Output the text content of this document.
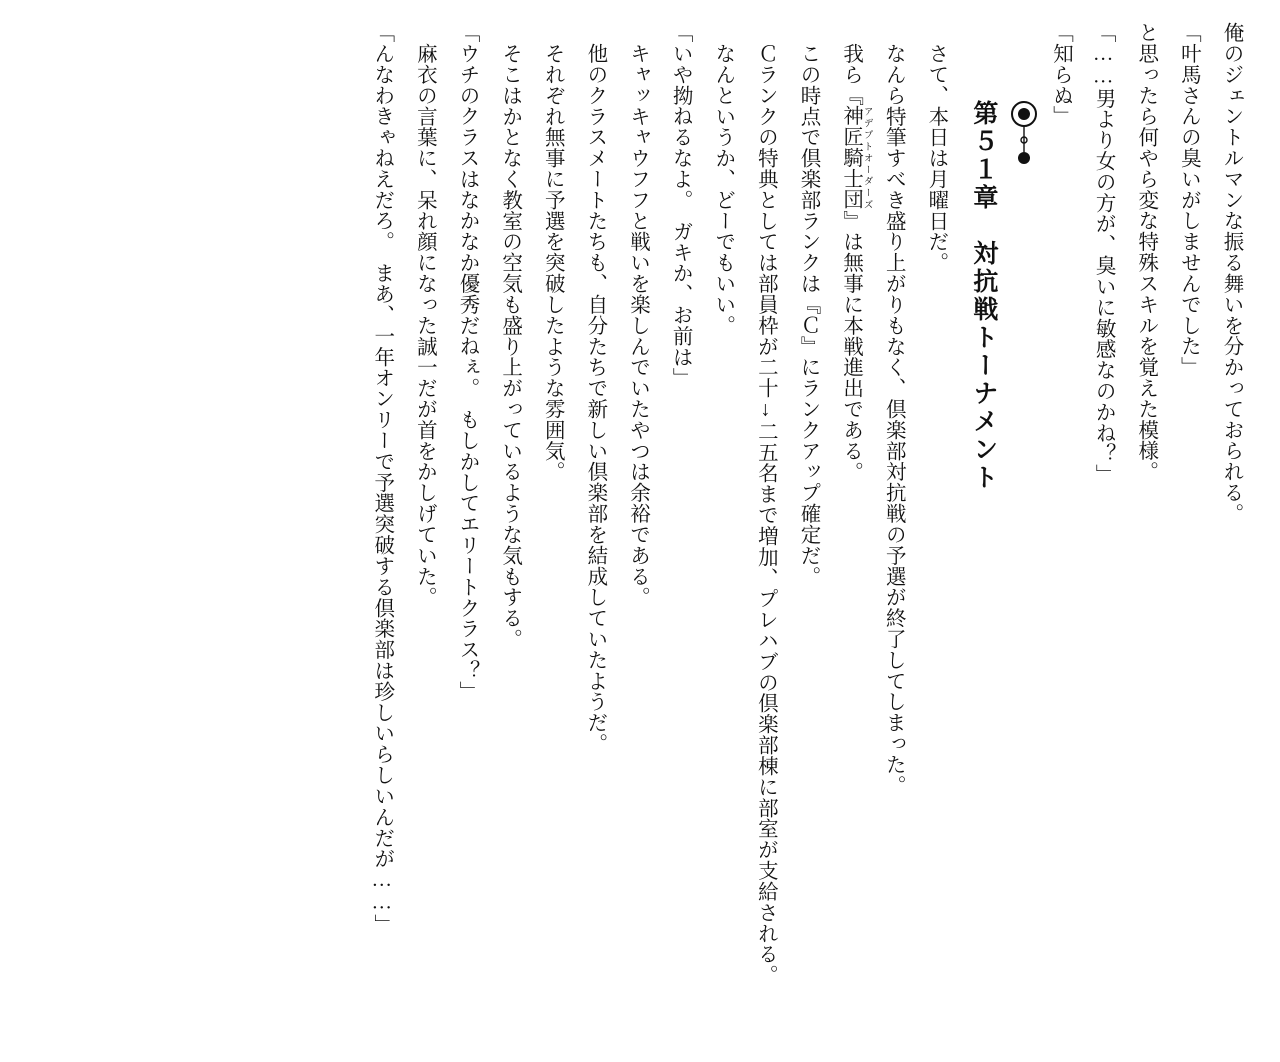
俺のジェントルマンな振る舞いを分かっておられる。

「叶馬さんの臭いがしませんでした」

と思ったら何やら変な特殊スキルを覚えた模様。

「……男より女の方が、臭いに敏感なのかね？」

「知らぬ」

第５１章　対抗戦トーナメント

さて、本日は月曜日だ。

なんら特筆すべき盛り上がりもなく、倶楽部対抗戦の予選が終了してしまった。

我ら『神匠騎士団 アデプトオーダーズ』は無事に本戦進出である。

この時点で倶楽部ランクは『Ｃ』にランクアップ確定だ。

Ｃランクの特典としては部員枠が二十↓二五名まで増加、プレハブの倶楽部棟に部室が支給される。

なんというか、どーでもいい。

「いや拗ねるなよ。　ガキか、お前は」

キャッキャウフフと戦いを楽しんでいたやつは余裕である。

他のクラスメートたちも、自分たちで新しい倶楽部を結成していたようだ。

それぞれ無事に予選を突破したような雰囲気。

そこはかとなく教室の空気も盛り上がっているような気もする。

「ウチのクラスはなかなか優秀だねぇ。　もしかしてエリートクラス？」

麻衣の言葉に、呆れ顔になった誠一だが首をかしげていた。

「んなわきゃねえだろ。　まあ、一年オンリーで予選突破する倶楽部は珍しいらしいんだが……」
